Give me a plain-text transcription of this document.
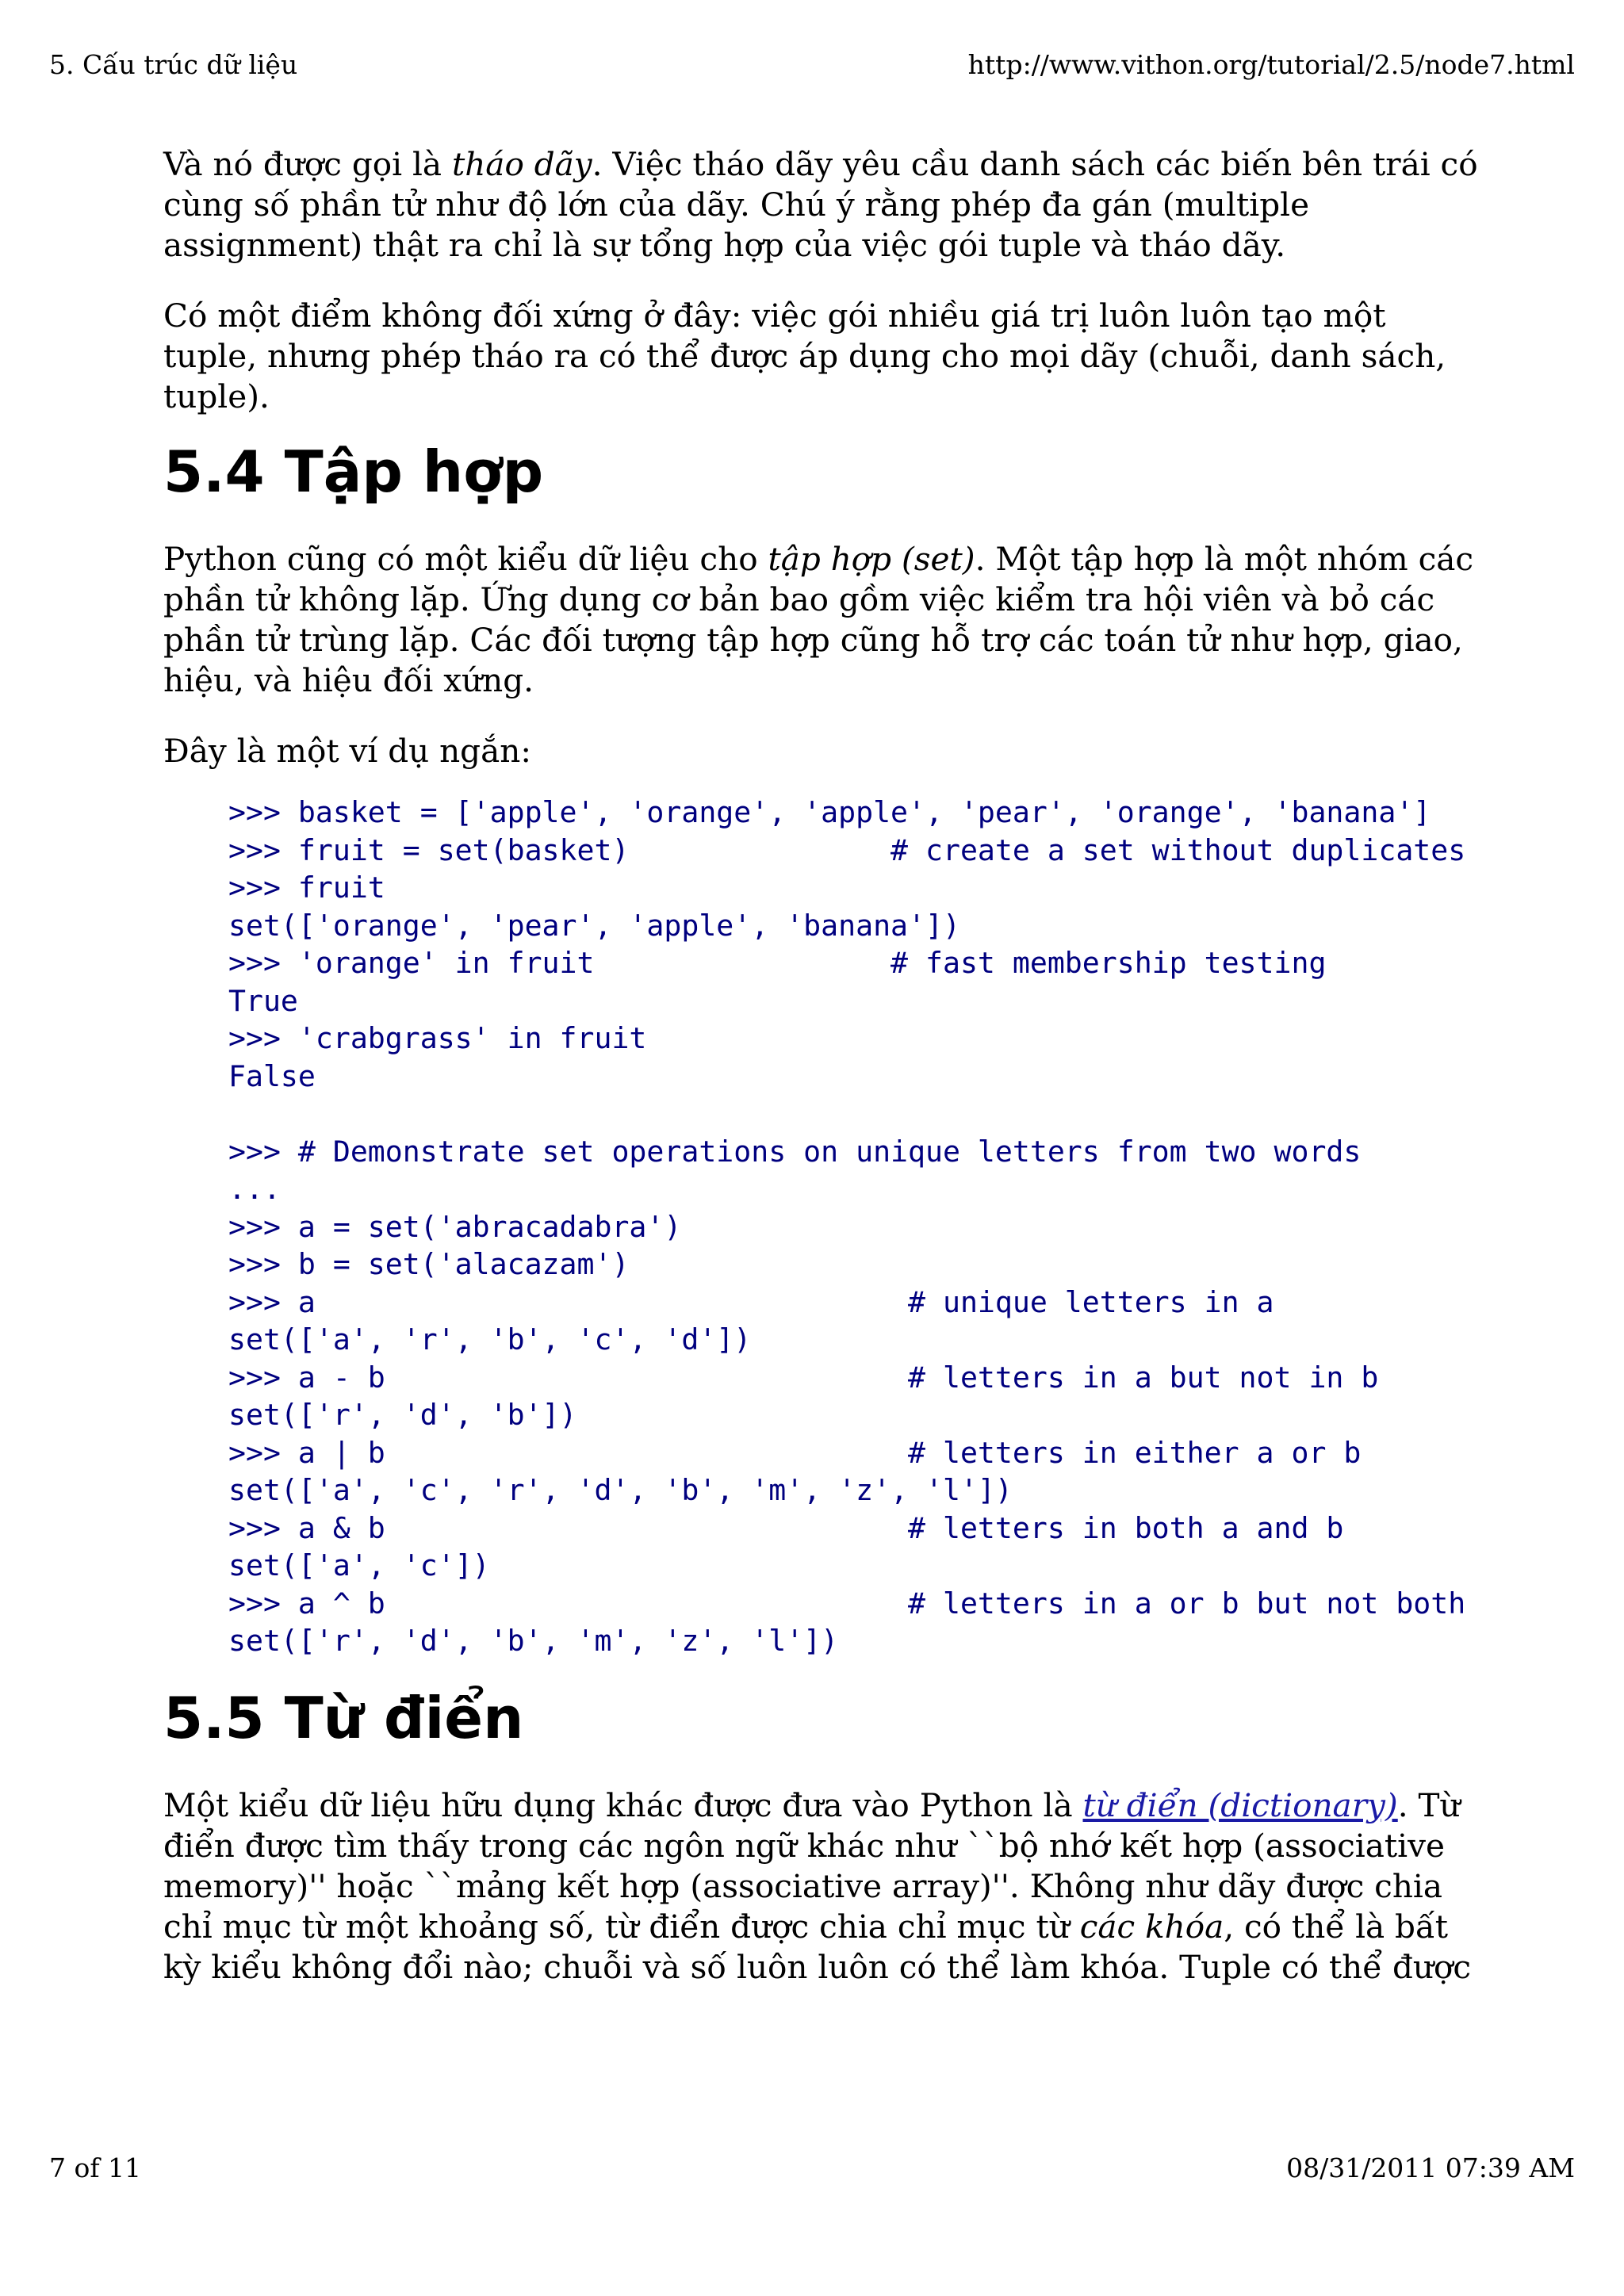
5. Cấu trúc dữ liệu	http://www.vithon.org/tutorial/2.5/node7.html

Và nó được gọi là tháo dãy. Việc tháo dãy yêu cầu danh sách các biến bên trái có cùng số phần tử như độ lớn của dãy. Chú ý rằng phép đa gán (multiple assignment) thật ra chỉ là sự tổng hợp của việc gói tuple và tháo dãy.

Có một điểm không đối xứng ở đây: việc gói nhiều giá trị luôn luôn tạo một tuple, nhưng phép tháo ra có thể được áp dụng cho mọi dãy (chuỗi, danh sách, tuple).

5.4 Tập hợp

Python cũng có một kiểu dữ liệu cho tập hợp (set). Một tập hợp là một nhóm các phần tử không lặp. Ứng dụng cơ bản bao gồm việc kiểm tra hội viên và bỏ các phần tử trùng lặp. Các đối tượng tập hợp cũng hỗ trợ các toán tử như hợp, giao, hiệu, và hiệu đối xứng.

Đây là một ví dụ ngắn:

>>> basket = ['apple', 'orange', 'apple', 'pear', 'orange', 'banana']
>>> fruit = set(basket)               # create a set without duplicates
>>> fruit
set(['orange', 'pear', 'apple', 'banana'])
>>> 'orange' in fruit                 # fast membership testing
True
>>> 'crabgrass' in fruit
False
>>> # Demonstrate set operations on unique letters from two words
...
>>> a = set('abracadabra')
>>> b = set('alacazam')
>>> a                                  # unique letters in a
set(['a', 'r', 'b', 'c', 'd'])
>>> a - b                              # letters in a but not in b
set(['r', 'd', 'b'])
>>> a | b                              # letters in either a or b
set(['a', 'c', 'r', 'd', 'b', 'm', 'z', 'l'])
>>> a & b                              # letters in both a and b
set(['a', 'c'])
>>> a ^ b                              # letters in a or b but not both
set(['r', 'd', 'b', 'm', 'z', 'l'])
5.5 Từ điển

Một kiểu dữ liệu hữu dụng khác được đưa vào Python là từ điển (dictionary). Từ điển được tìm thấy trong các ngôn ngữ khác như ``bộ nhớ kết hợp (associative memory)'' hoặc ``mảng kết hợp (associative array)''. Không như dãy được chia chỉ mục từ một khoảng số, từ điển được chia chỉ mục từ các khóa, có thể là bất kỳ kiểu không đổi nào; chuỗi và số luôn luôn có thể làm khóa. Tuple có thể được

7 of 11	08/31/2011 07:39 AM
